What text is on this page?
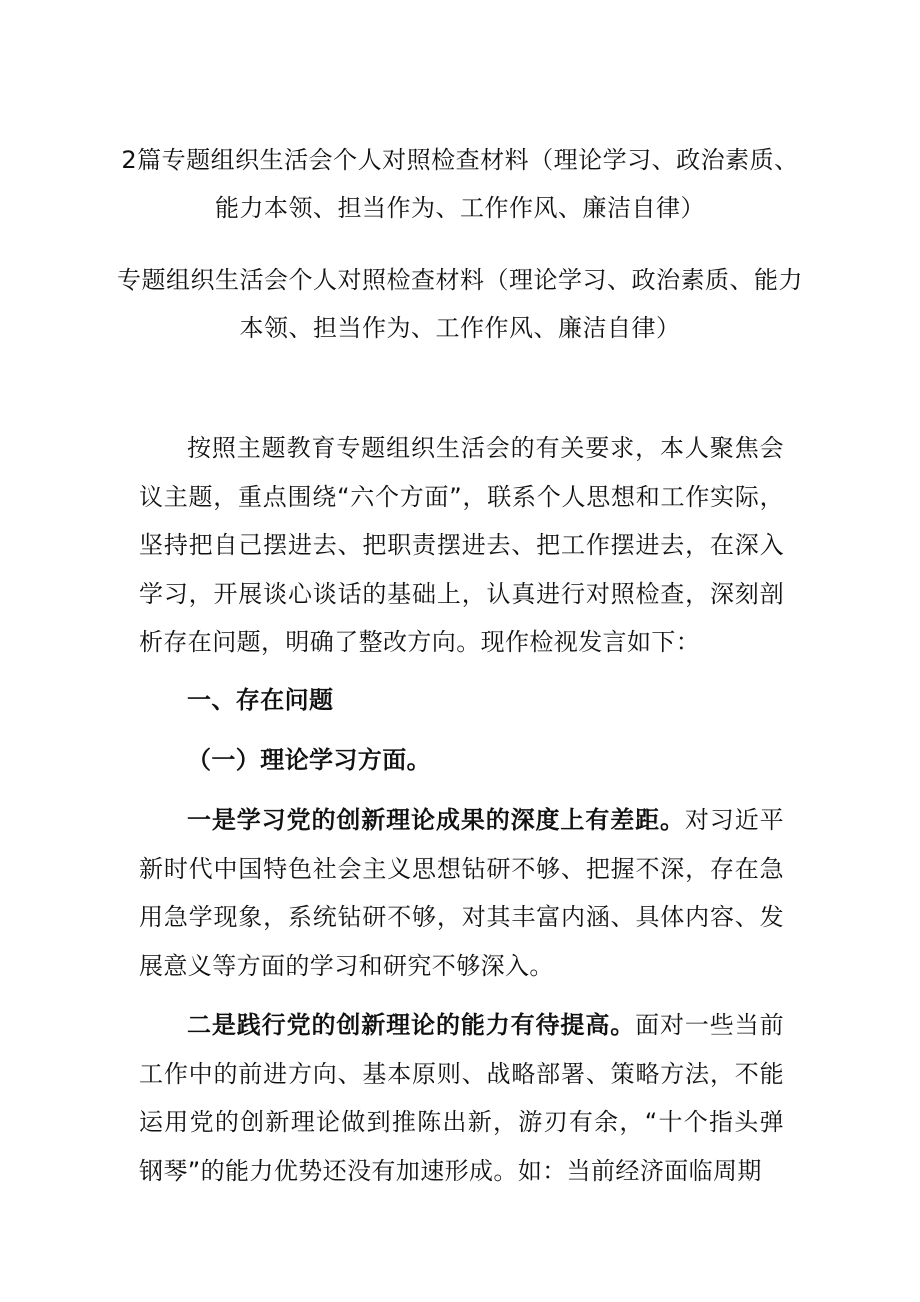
2篇专题组织生活会个人对照检查材料（理论学习、政治素质、能力本领、担当作为、工作作风、廉洁自律）
专题组织生活会个人对照检查材料（理论学习、政治素质、能力本领、担当作为、工作作风、廉洁自律）

按照主题教育专题组织生活会的有关要求，本人聚焦会议主题，重点围绕“六个方面”，联系个人思想和工作实际，坚持把自己摆进去、把职责摆进去、把工作摆进去，在深入学习，开展谈心谈话的基础上，认真进行对照检查，深刻剖析存在问题，明确了整改方向。现作检视发言如下：

一、存在问题

（一）理论学习方面。

一是学习党的创新理论成果的深度上有差距。对习近平新时代中国特色社会主义思想钻研不够、把握不深，存在急用急学现象，系统钻研不够，对其丰富内涵、具体内容、发展意义等方面的学习和研究不够深入。

二是践行党的创新理论的能力有待提高。面对一些当前工作中的前进方向、基本原则、战略部署、策略方法，不能运用党的创新理论做到推陈出新，游刃有余，“十个指头弹钢琴”的能力优势还没有加速形成。如：当前经济面临周期
